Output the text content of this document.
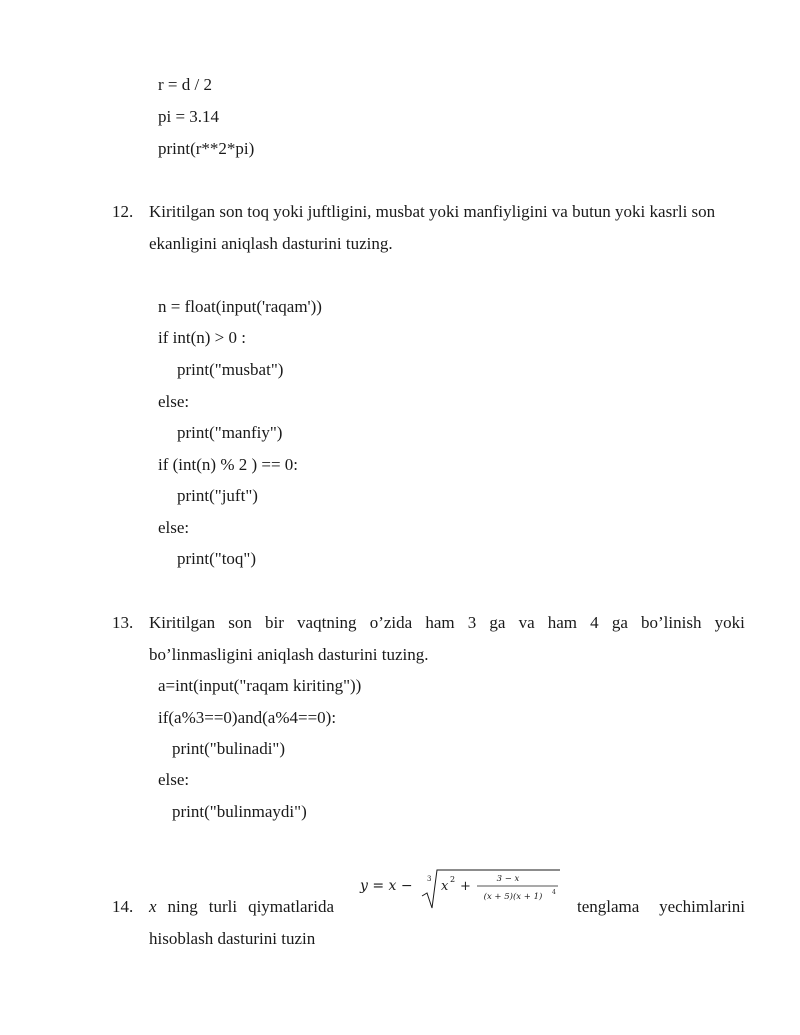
r = d / 2
pi = 3.14
print(r**2*pi)
12. Kiritilgan son toq yoki juftligini, musbat yoki manfiyligini va butun yoki kasrli son
ekanligini aniqlash dasturini tuzing.
n = float(input('raqam'))
if int(n) > 0 :
print("musbat")
else:
print("manfiy")
if (int(n) % 2 ) == 0:
print("juft")
else:
print("toq")
13. Kiritilgan son bir vaqtning o’zida ham 3 ga va ham 4 ga bo’linish yoki
bo’linmasligini aniqlash dasturini tuzing.
a=int(input("raqam kiriting"))
if(a%3==0)and(a%4==0):
print("bulinadi")
else:
print("bulinmaydi")
14. x ning turli qiymatlarida	tenglama yechimlarini
hisoblash dasturini tuzin
y = x − 3 x 2 +	3 − x
(x + 5)(x + 1) 4
